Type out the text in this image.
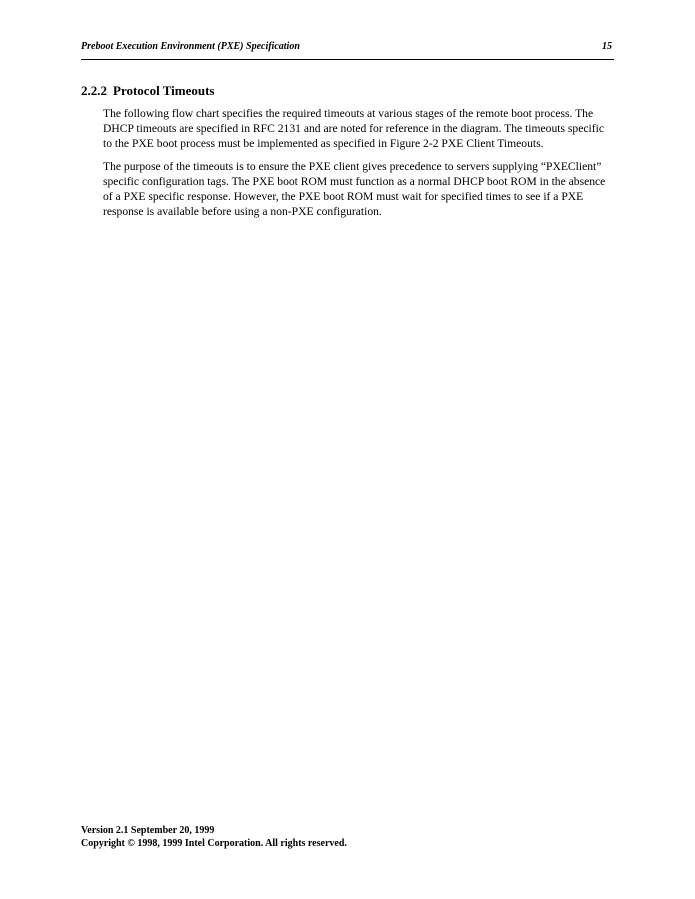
Preboot Execution Environment (PXE) Specification	15
2.2.2 Protocol Timeouts

The following flow chart specifies the required timeouts at various stages of the remote boot process. The DHCP timeouts are specified in RFC 2131 and are noted for reference in the diagram. The timeouts specific to the PXE boot process must be implemented as specified in Figure 2-2 PXE Client Timeouts.

The purpose of the timeouts is to ensure the PXE client gives precedence to servers supplying “PXEClient” specific configuration tags. The PXE boot ROM must function as a normal DHCP boot ROM in the absence of a PXE specific response. However, the PXE boot ROM must wait for specified times to see if a PXE response is available before using a non-PXE configuration.

Version 2.1 September 20, 1999
Copyright © 1998, 1999 Intel Corporation. All rights reserved.
